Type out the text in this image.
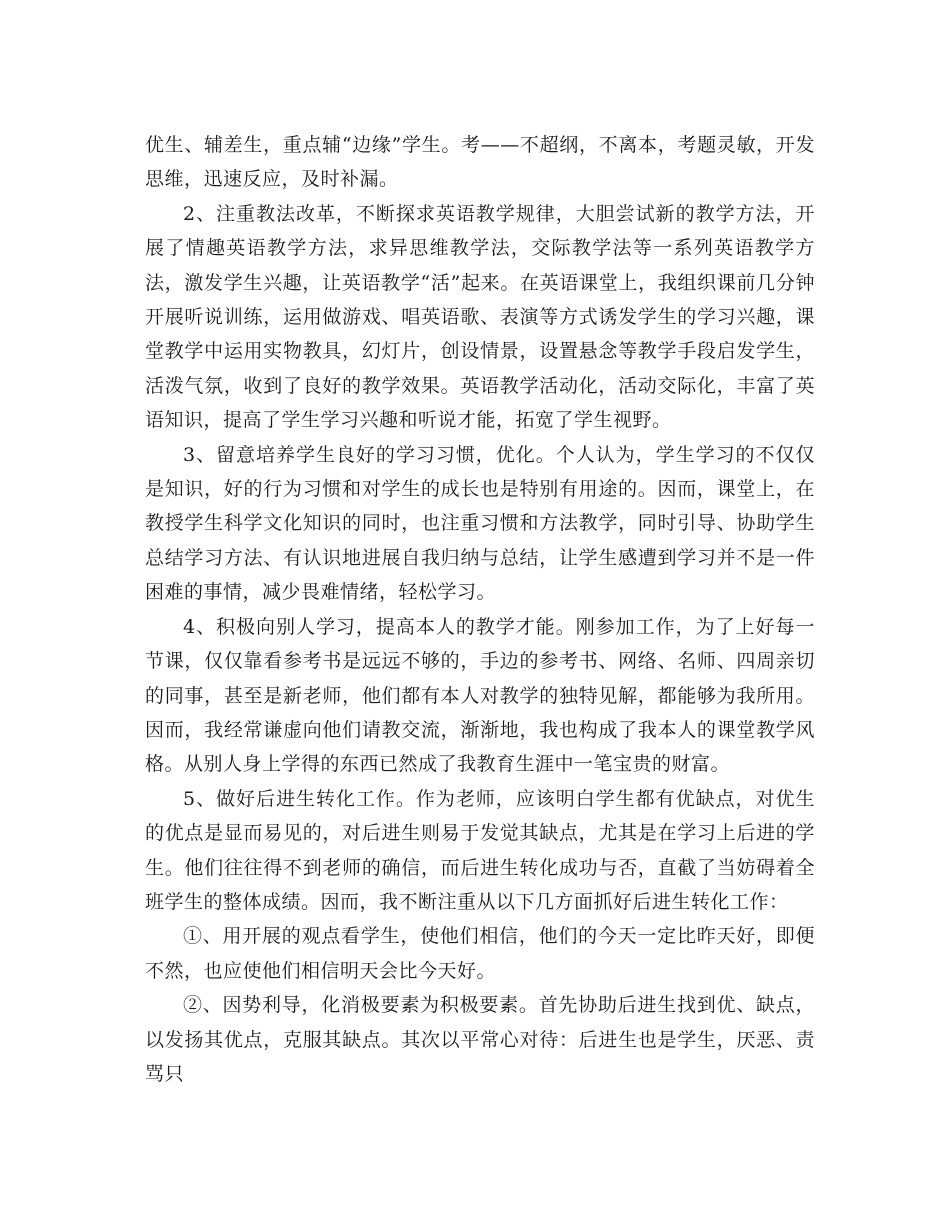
优生、辅差生，重点辅“边缘”学生。考——不超纲，不离本，考题灵敏，开发思维，迅速反应，及时补漏。

2、注重教法改革，不断探求英语教学规律，大胆尝试新的教学方法，开展了情趣英语教学方法，求异思维教学法，交际教学法等一系列英语教学方法，激发学生兴趣，让英语教学“活”起来。在英语课堂上，我组织课前几分钟开展听说训练，运用做游戏、唱英语歌、表演等方式诱发学生的学习兴趣，课堂教学中运用实物教具，幻灯片，创设情景，设置悬念等教学手段启发学生，活泼气氛，收到了良好的教学效果。英语教学活动化，活动交际化，丰富了英语知识，提高了学生学习兴趣和听说才能，拓宽了学生视野。

3、留意培养学生良好的学习习惯，优化。个人认为，学生学习的不仅仅是知识，好的行为习惯和对学生的成长也是特别有用途的。因而，课堂上，在教授学生科学文化知识的同时，也注重习惯和方法教学，同时引导、协助学生总结学习方法、有认识地进展自我归纳与总结，让学生感遭到学习并不是一件困难的事情，减少畏难情绪，轻松学习。

4、积极向别人学习，提高本人的教学才能。刚参加工作，为了上好每一节课，仅仅靠看参考书是远远不够的，手边的参考书、网络、名师、四周亲切的同事，甚至是新老师，他们都有本人对教学的独特见解，都能够为我所用。因而，我经常谦虚向他们请教交流，渐渐地，我也构成了我本人的课堂教学风格。从别人身上学得的东西已然成了我教育生涯中一笔宝贵的财富。

5、做好后进生转化工作。作为老师，应该明白学生都有优缺点，对优生的优点是显而易见的，对后进生则易于发觉其缺点，尤其是在学习上后进的学生。他们往往得不到老师的确信，而后进生转化成功与否，直截了当妨碍着全班学生的整体成绩。因而，我不断注重从以下几方面抓好后进生转化工作：

①、用开展的观点看学生，使他们相信，他们的今天一定比昨天好，即便不然，也应使他们相信明天会比今天好。

②、因势利导，化消极要素为积极要素。首先协助后进生找到优、缺点，以发扬其优点，克服其缺点。其次以平常心对待：后进生也是学生，厌恶、责骂只
